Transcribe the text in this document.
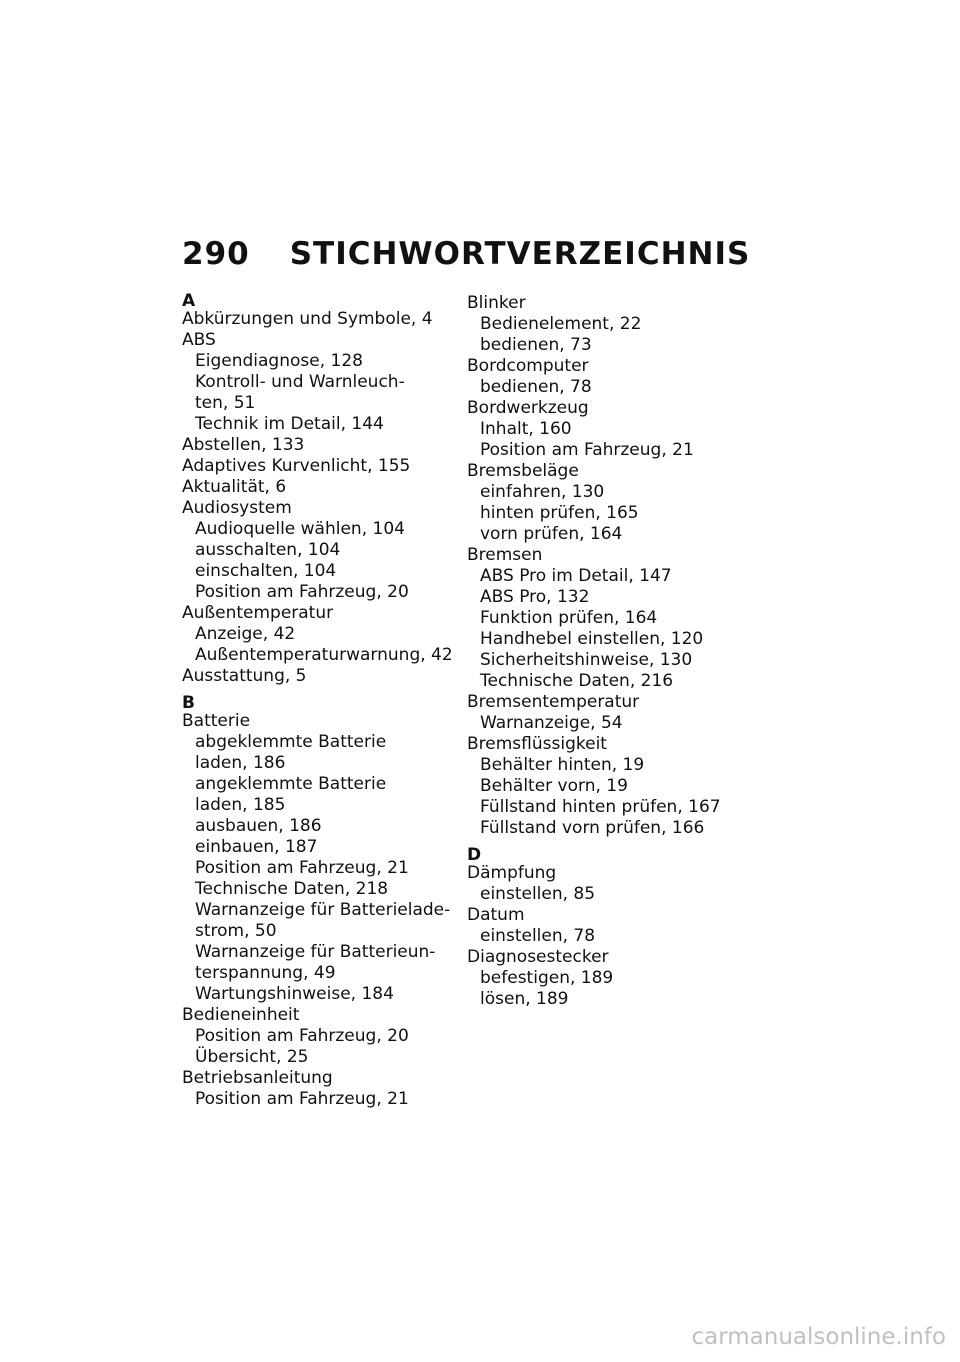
290 STICHWORTVERZEICHNIS
A
Abkürzungen und Symbole, 4
ABS
Eigendiagnose, 128
Kontroll- und Warnleuch-
ten, 51
Technik im Detail, 144
Abstellen, 133
Adaptives Kurvenlicht, 155
Aktualität, 6
Audiosystem
Audioquelle wählen, 104
ausschalten, 104
einschalten, 104
Position am Fahrzeug, 20
Außentemperatur
Anzeige, 42
Außentemperaturwarnung, 42
Ausstattung, 5
B
Batterie
abgeklemmte Batterie
laden, 186
angeklemmte Batterie
laden, 185
ausbauen, 186
einbauen, 187
Position am Fahrzeug, 21
Technische Daten, 218
Warnanzeige für Batterielade-
strom, 50
Warnanzeige für Batterieun-
terspannung, 49
Wartungshinweise, 184
Bedieneinheit
Position am Fahrzeug, 20
Übersicht, 25
Betriebsanleitung
Position am Fahrzeug, 21
Blinker
Bedienelement, 22
bedienen, 73
Bordcomputer
bedienen, 78
Bordwerkzeug
Inhalt, 160
Position am Fahrzeug, 21
Bremsbeläge
einfahren, 130
hinten prüfen, 165
vorn prüfen, 164
Bremsen
ABS Pro im Detail, 147
ABS Pro, 132
Funktion prüfen, 164
Handhebel einstellen, 120
Sicherheitshinweise, 130
Technische Daten, 216
Bremsentemperatur
Warnanzeige, 54
Bremsflüssigkeit
Behälter hinten, 19
Behälter vorn, 19
Füllstand hinten prüfen, 167
Füllstand vorn prüfen, 166
D
Dämpfung
einstellen, 85
Datum
einstellen, 78
Diagnosestecker
befestigen, 189
lösen, 189
carmanualsonline.info
